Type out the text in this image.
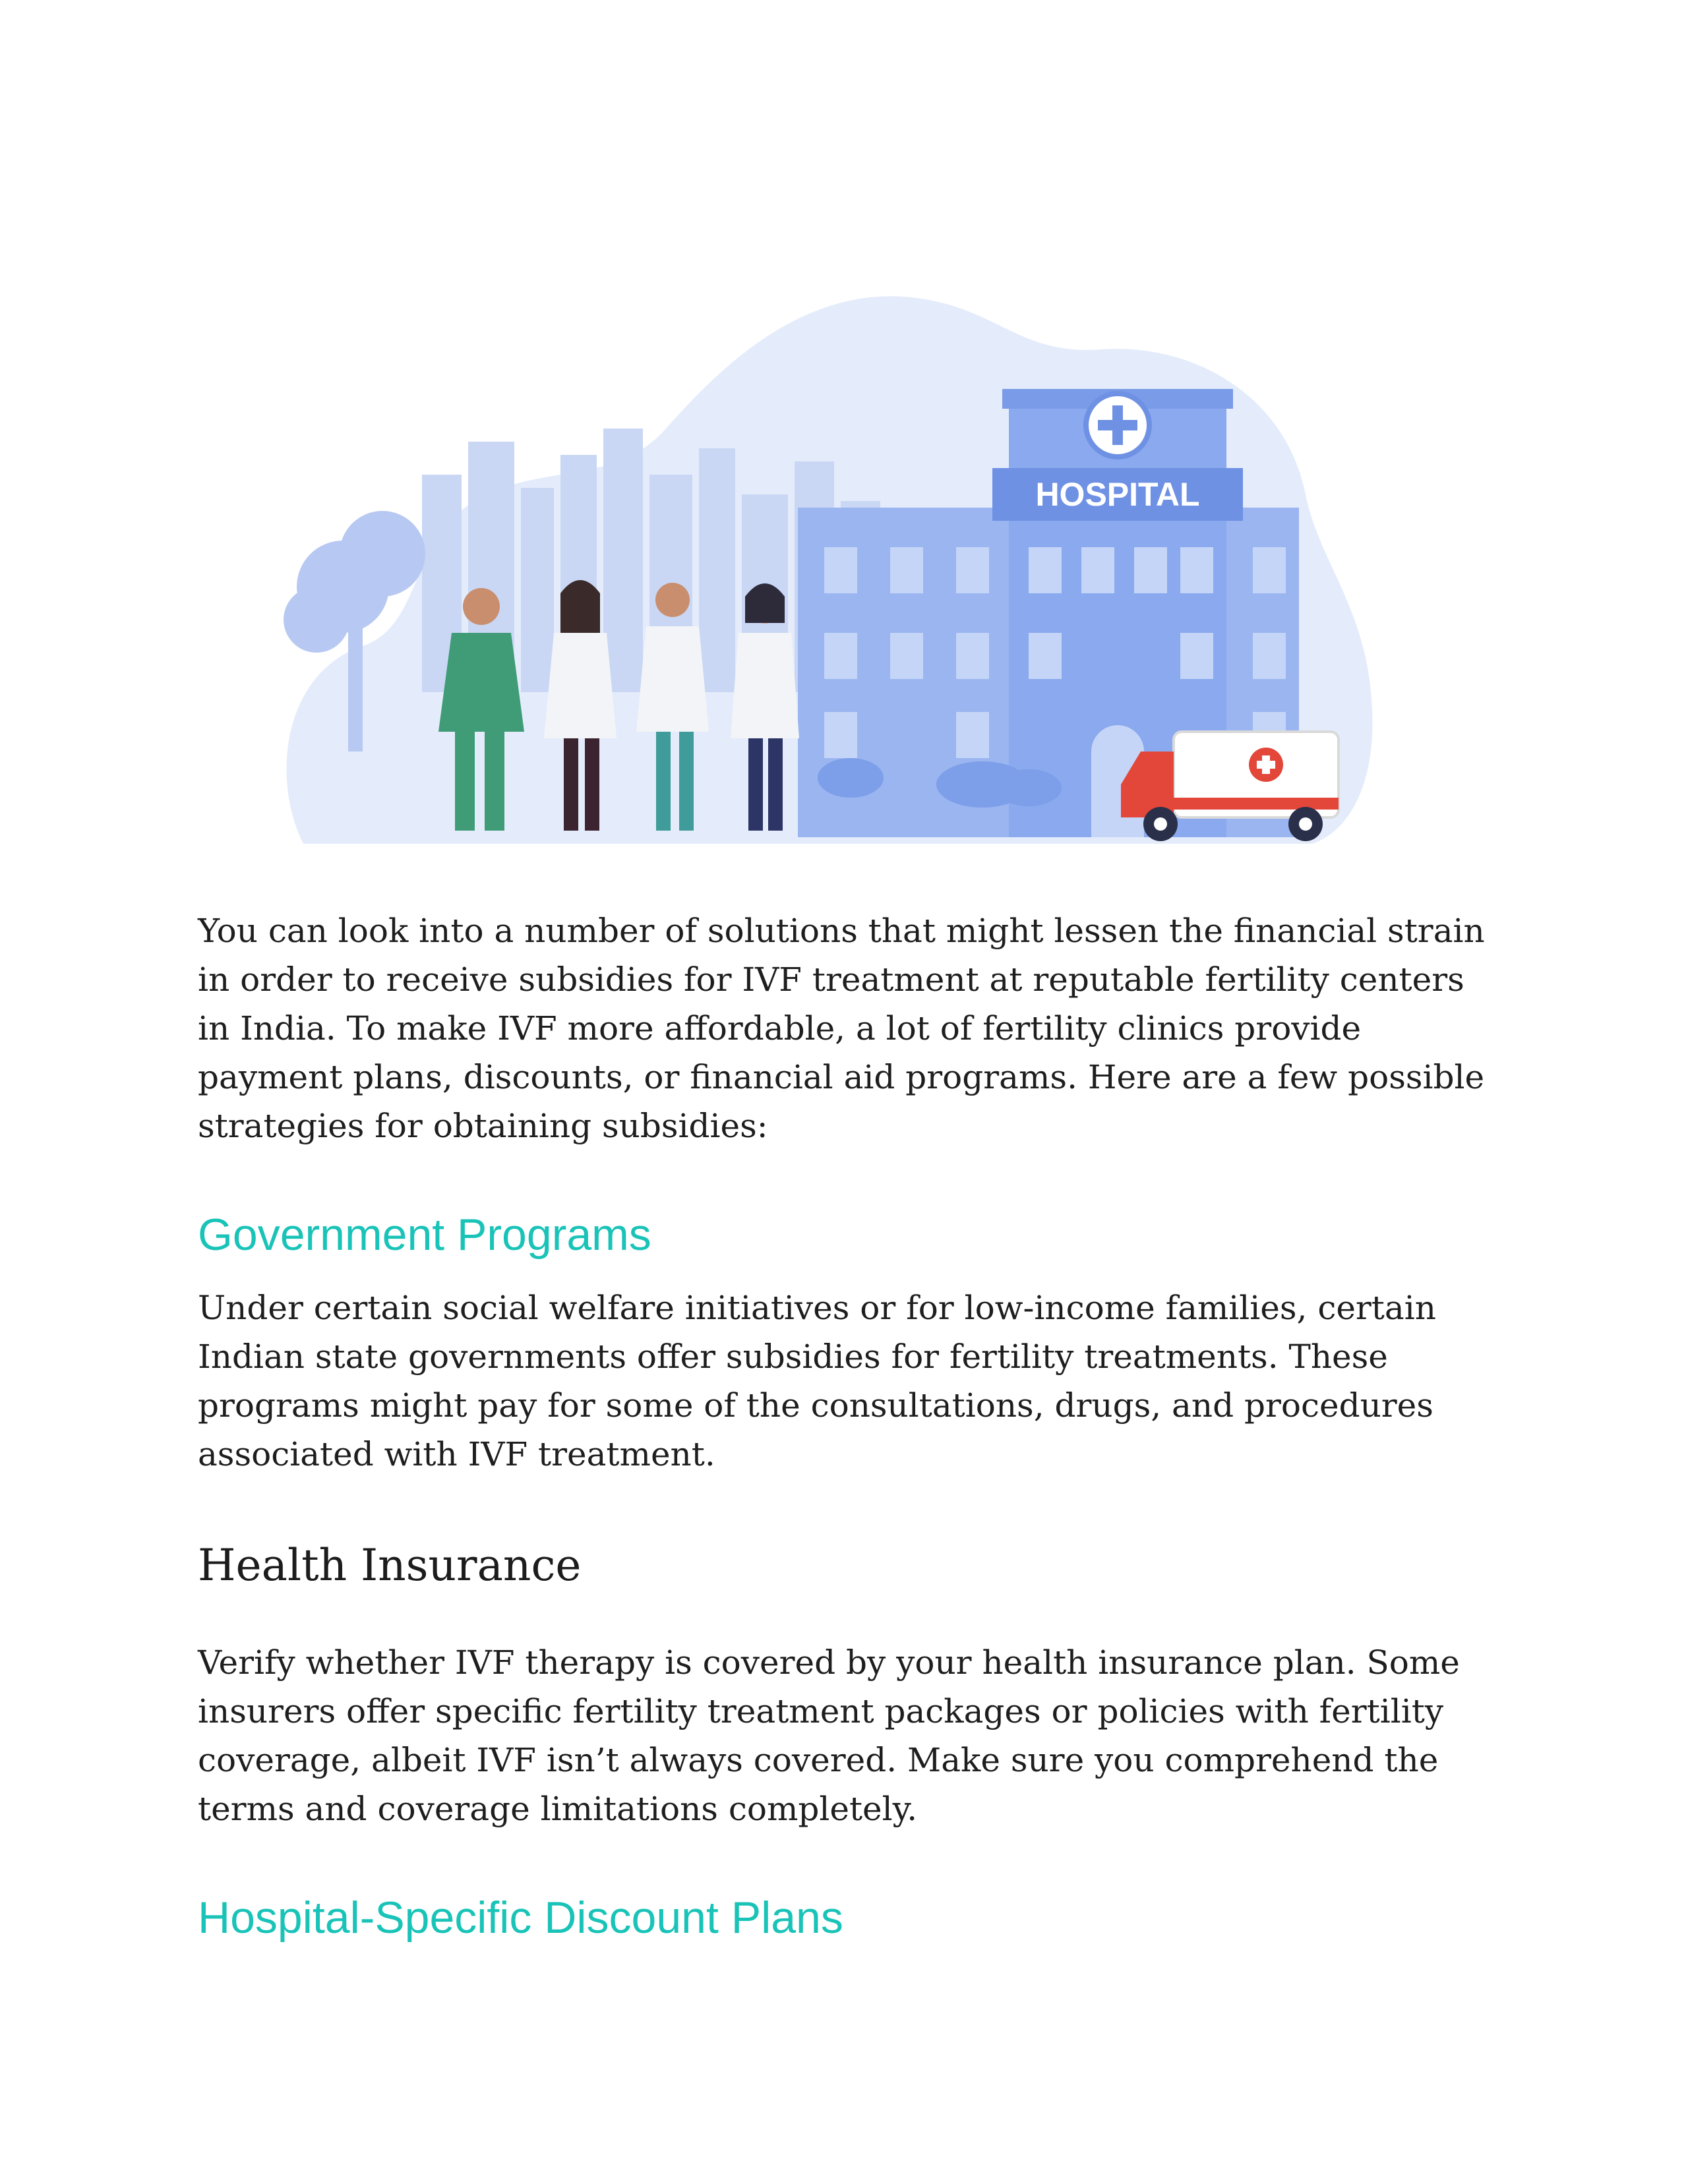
HOSPITAL

You can look into a number of solutions that might lessen the financial strain in order to receive subsidies for IVF treatment at reputable fertility centers in India. To make IVF more affordable, a lot of fertility clinics provide payment plans, discounts, or financial aid programs. Here are a few possible strategies for obtaining subsidies:

Government Programs

Under certain social welfare initiatives or for low-income families, certain Indian state governments offer subsidies for fertility treatments. These programs might pay for some of the consultations, drugs, and procedures associated with IVF treatment.

Health Insurance

Verify whether IVF therapy is covered by your health insurance plan. Some insurers offer specific fertility treatment packages or policies with fertility coverage, albeit IVF isn’t always covered. Make sure you comprehend the terms and coverage limitations completely.

Hospital-Specific Discount Plans
